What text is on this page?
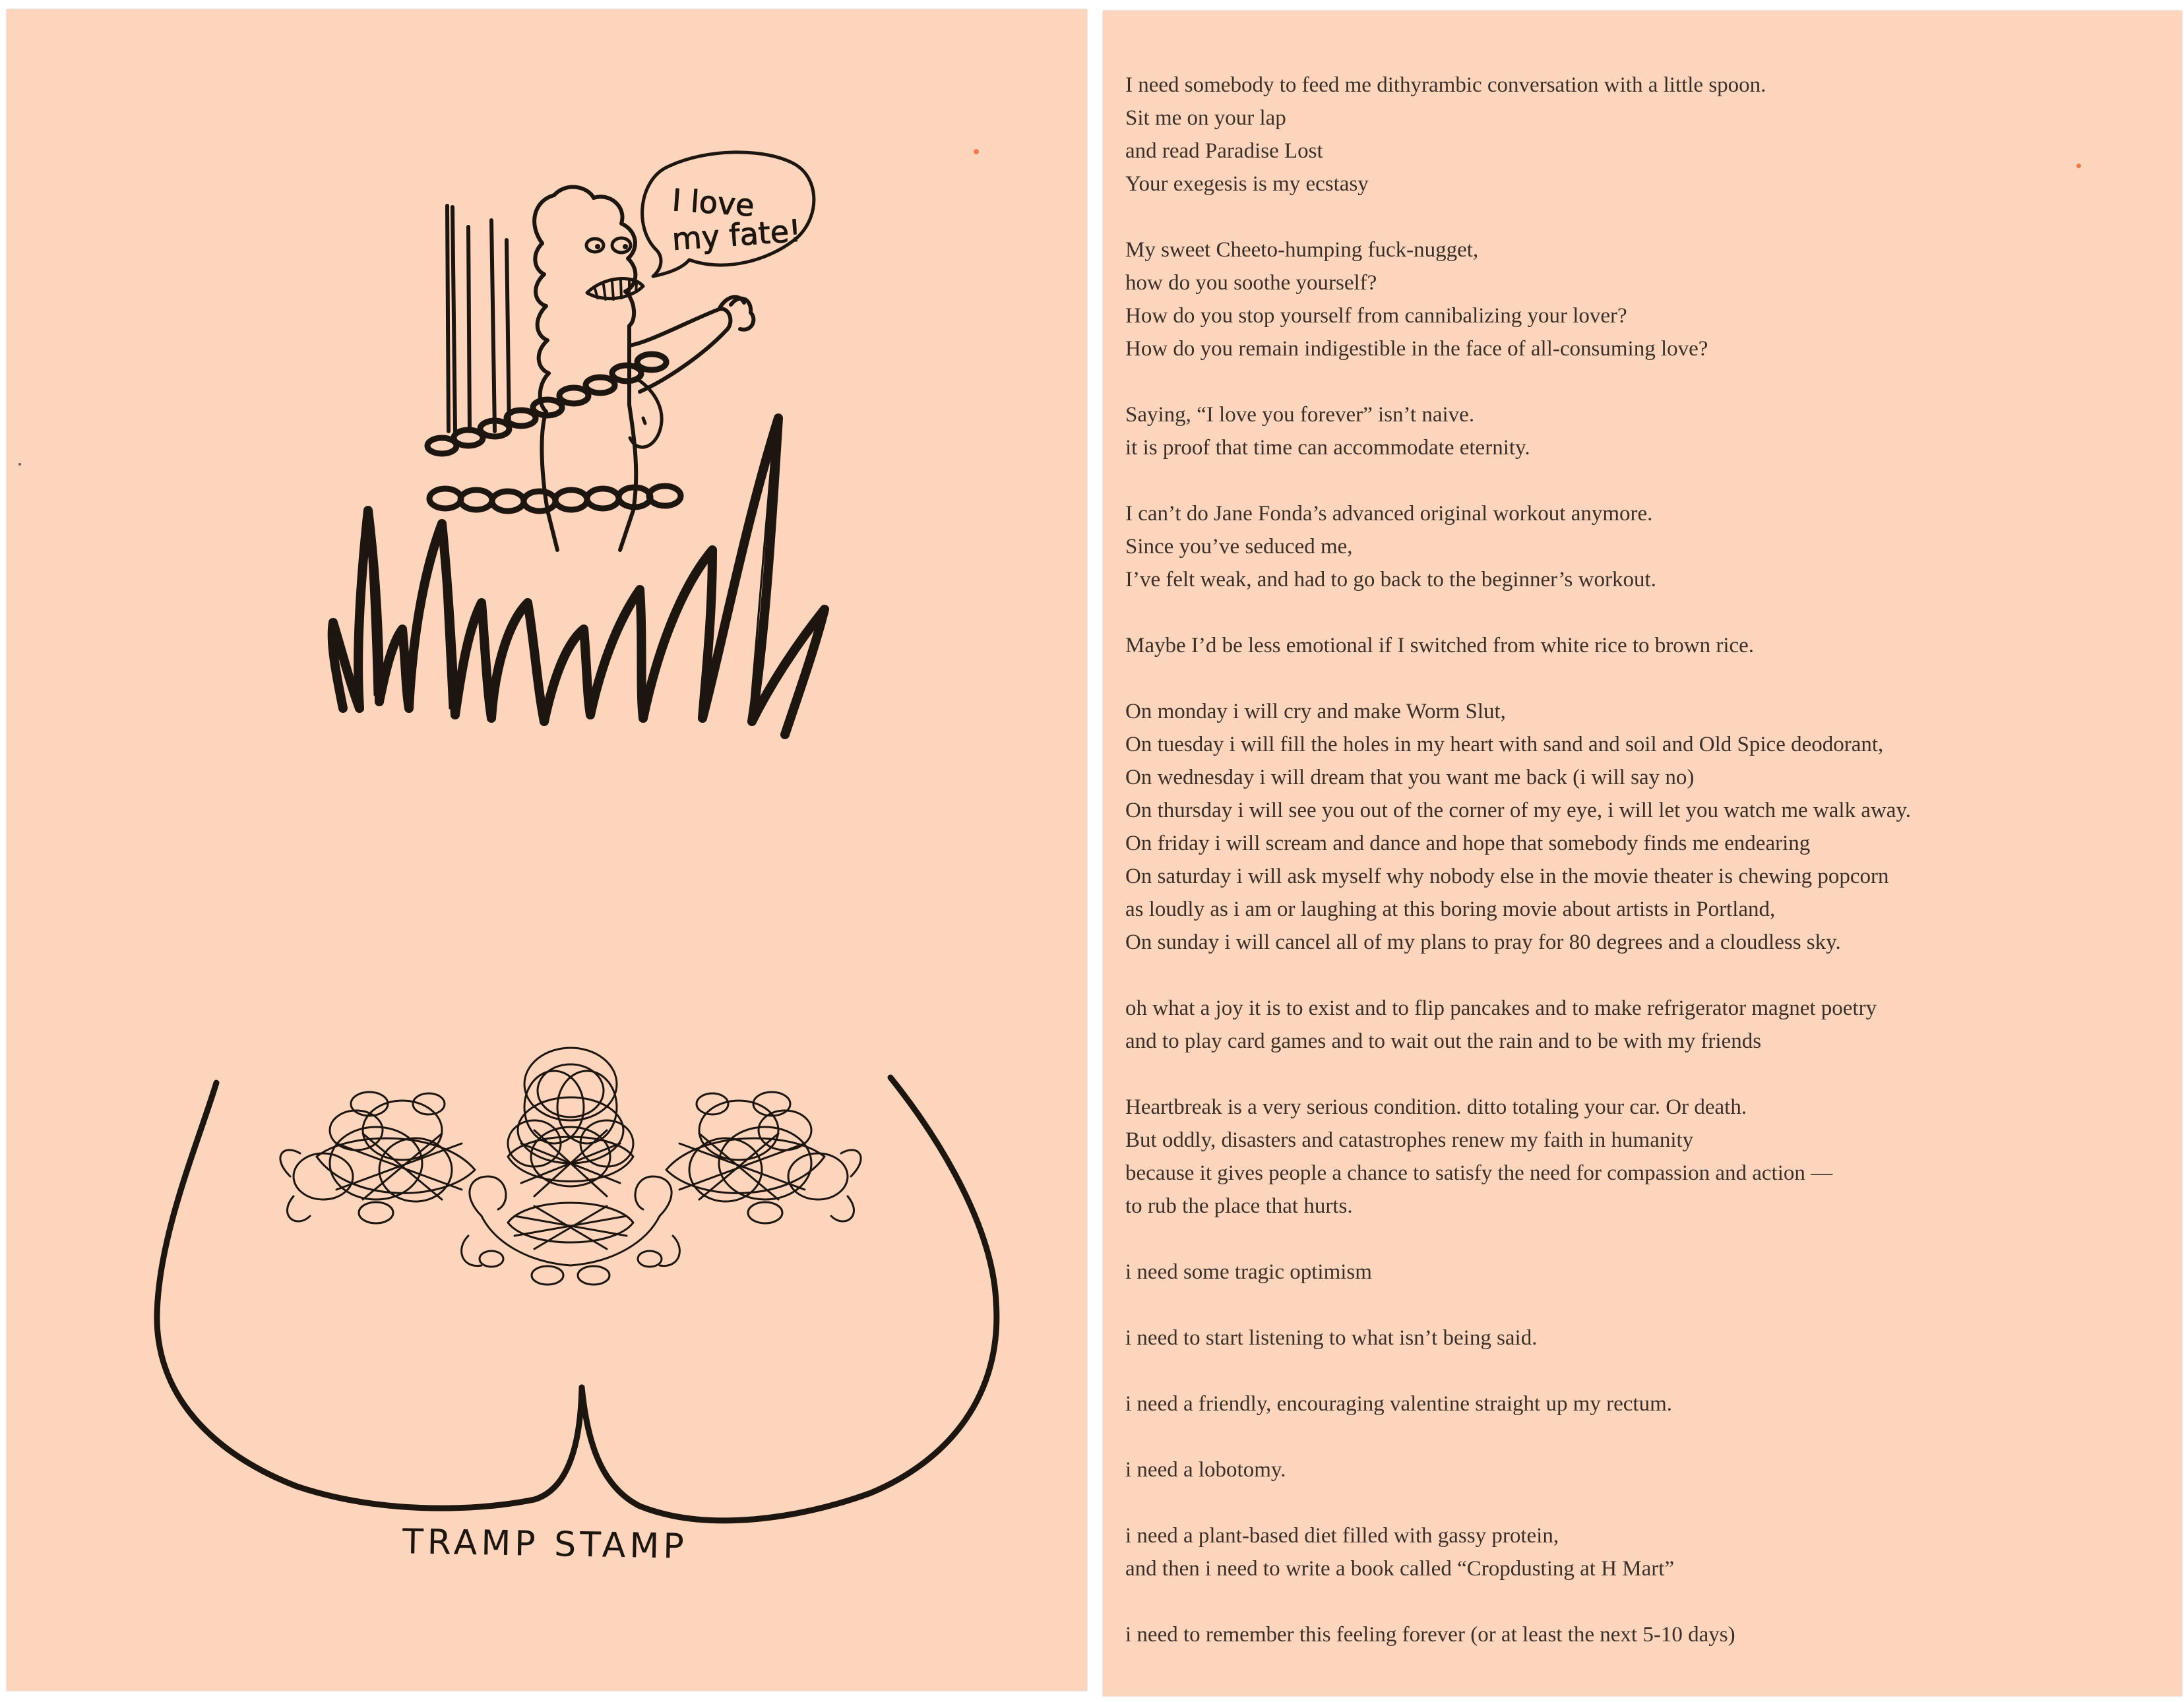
I love
my fate!
TRAMP STAMP
I need somebody to feed me dithyrambic conversation with a little spoon.
Sit me on your lap
and read Paradise Lost
Your exegesis is my ecstasy
My sweet Cheeto-humping fuck-nugget,
how do you soothe yourself?
How do you stop yourself from cannibalizing your lover?
How do you remain indigestible in the face of all-consuming love?
Saying, “I love you forever” isn’t naive.
it is proof that time can accommodate eternity.
I can’t do Jane Fonda’s advanced original workout anymore.
Since you’ve seduced me,
I’ve felt weak, and had to go back to the beginner’s workout.
Maybe I’d be less emotional if I switched from white rice to brown rice.
On monday i will cry and make Worm Slut,
On tuesday i will fill the holes in my heart with sand and soil and Old Spice deodorant,
On wednesday i will dream that you want me back (i will say no)
On thursday i will see you out of the corner of my eye, i will let you watch me walk away.
On friday i will scream and dance and hope that somebody finds me endearing
On saturday i will ask myself why nobody else in the movie theater is chewing popcorn
as loudly as i am or laughing at this boring movie about artists in Portland,
On sunday i will cancel all of my plans to pray for 80 degrees and a cloudless sky.
oh what a joy it is to exist and to flip pancakes and to make refrigerator magnet poetry
and to play card games and to wait out the rain and to be with my friends
Heartbreak is a very serious condition. ditto totaling your car. Or death.
But oddly, disasters and catastrophes renew my faith in humanity
because it gives people a chance to satisfy the need for compassion and action —
to rub the place that hurts.
i need some tragic optimism
i need to start listening to what isn’t being said.
i need a friendly, encouraging valentine straight up my rectum.
i need a lobotomy.
i need a plant-based diet filled with gassy protein,
and then i need to write a book called “Cropdusting at H Mart”
i need to remember this feeling forever (or at least the next 5-10 days)
